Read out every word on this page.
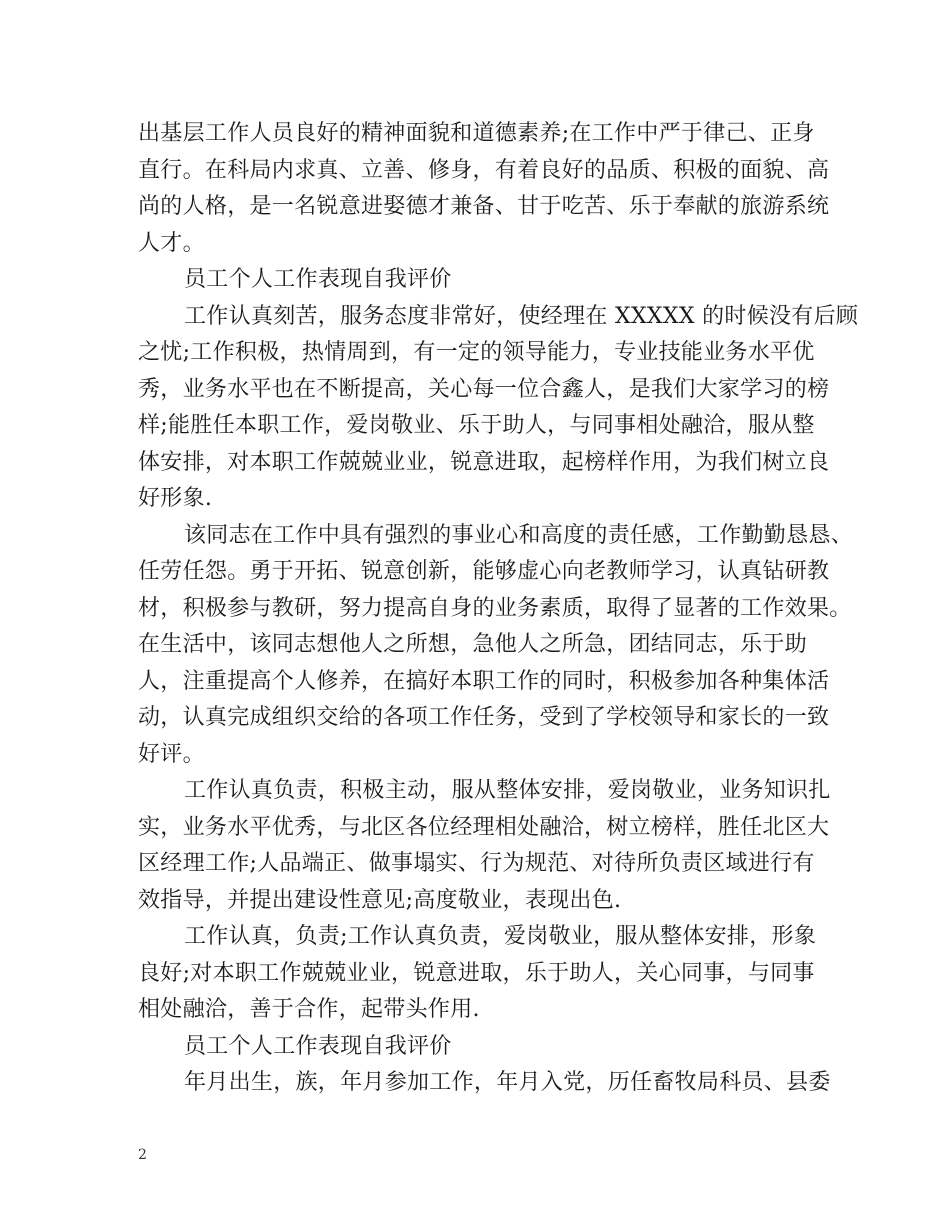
出基层工作人员良好的精神面貌和道德素养;在工作中严于律己、正身
直行。在科局内求真、立善、修身，有着良好的品质、积极的面貌、高
尚的人格，是一名锐意进娶德才兼备、甘于吃苦、乐于奉献的旅游系统
人才。
员工个人工作表现自我评价
工作认真刻苦，服务态度非常好，使经理在 XXXXX 的时候没有后顾
之忧;工作积极，热情周到，有一定的领导能力，专业技能业务水平优
秀，业务水平也在不断提高，关心每一位合鑫人，是我们大家学习的榜
样;能胜任本职工作，爱岗敬业、乐于助人，与同事相处融洽，服从整
体安排，对本职工作兢兢业业，锐意进取，起榜样作用，为我们树立良
好形象.
该同志在工作中具有强烈的事业心和高度的责任感，工作勤勤恳恳、
任劳任怨。勇于开拓、锐意创新，能够虚心向老教师学习，认真钻研教
材，积极参与教研，努力提高自身的业务素质，取得了显著的工作效果。
在生活中，该同志想他人之所想，急他人之所急，团结同志，乐于助
人，注重提高个人修养，在搞好本职工作的同时，积极参加各种集体活
动，认真完成组织交给的各项工作任务，受到了学校领导和家长的一致
好评。
工作认真负责，积极主动，服从整体安排，爱岗敬业，业务知识扎
实，业务水平优秀，与北区各位经理相处融洽，树立榜样，胜任北区大
区经理工作;人品端正、做事塌实、行为规范、对待所负责区域进行有
效指导，并提出建设性意见;高度敬业，表现出色.
工作认真，负责;工作认真负责，爱岗敬业，服从整体安排，形象
良好;对本职工作兢兢业业，锐意进取，乐于助人，关心同事，与同事
相处融洽，善于合作，起带头作用.
员工个人工作表现自我评价
年月出生，族，年月参加工作，年月入党，历任畜牧局科员、县委
2
